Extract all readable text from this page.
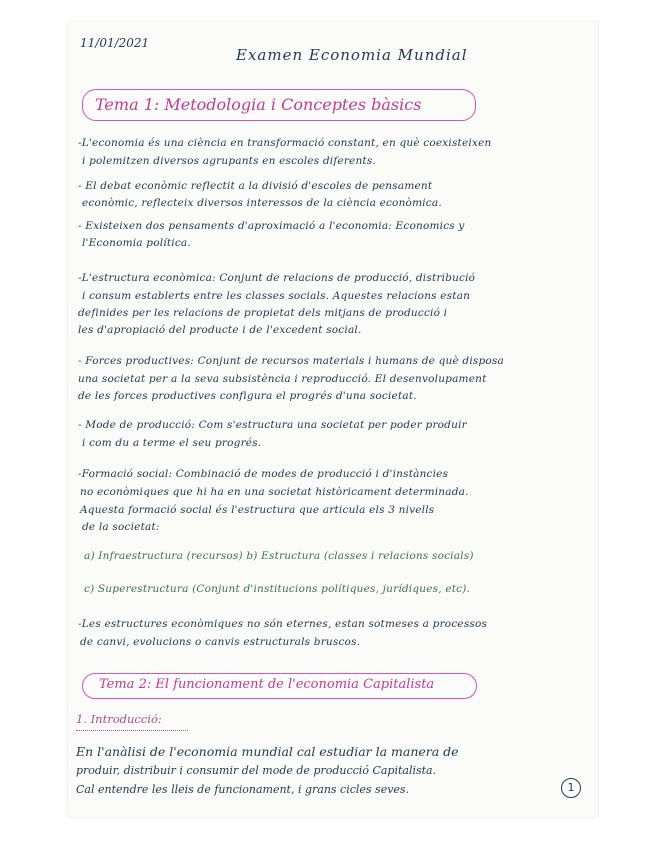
11/01/2021
Examen Economia Mundial
Tema 1: Metodologia i Conceptes bàsics
-L'economia és una ciència en transformació constant, en què coexisteixen
i polemitzen diversos agrupants en escoles diferents.
- El debat econòmic reflectit a la divisió d'escoles de pensament
econòmic, reflecteix diversos interessos de la ciència econòmica.
- Existeixen dos pensaments d'aproximació a l'economia: Economics y
l'Economia política.
-L'estructura econòmica: Conjunt de relacions de producció, distribució
i consum establerts entre les classes socials. Aquestes relacions estan
definides per les relacions de propietat dels mitjans de producció i
les d'apropiació del producte i de l'excedent social.
- Forces productives: Conjunt de recursos materials i humans de què disposa
una societat per a la seva subsistència i reproducció. El desenvolupament
de les forces productives configura el progrés d'una societat.
- Mode de producció: Com s'estructura una societat per poder produir
i com du a terme el seu progrés.
-Formació social: Combinació de modes de producció i d'instàncies
no econòmiques que hi ha en una societat històricament determinada.
Aquesta formació social és l'estructura que articula els 3 nivells
de la societat:
a) Infraestructura (recursos) b) Estructura (classes i relacions socials)
c) Superestructura (Conjunt d'institucions polítiques, jurídiques, etc).
-Les estructures econòmiques no són eternes, estan sotmeses a processos
de canvi, evolucions o canvis estructurals bruscos.
Tema 2: El funcionament de l'economia Capitalista
1. Introducció:
En l'anàlisi de l'economia mundial cal estudiar la manera de
produir, distribuir i consumir del mode de producció Capitalista.
Cal entendre les lleis de funcionament, i grans cicles seves.	1
